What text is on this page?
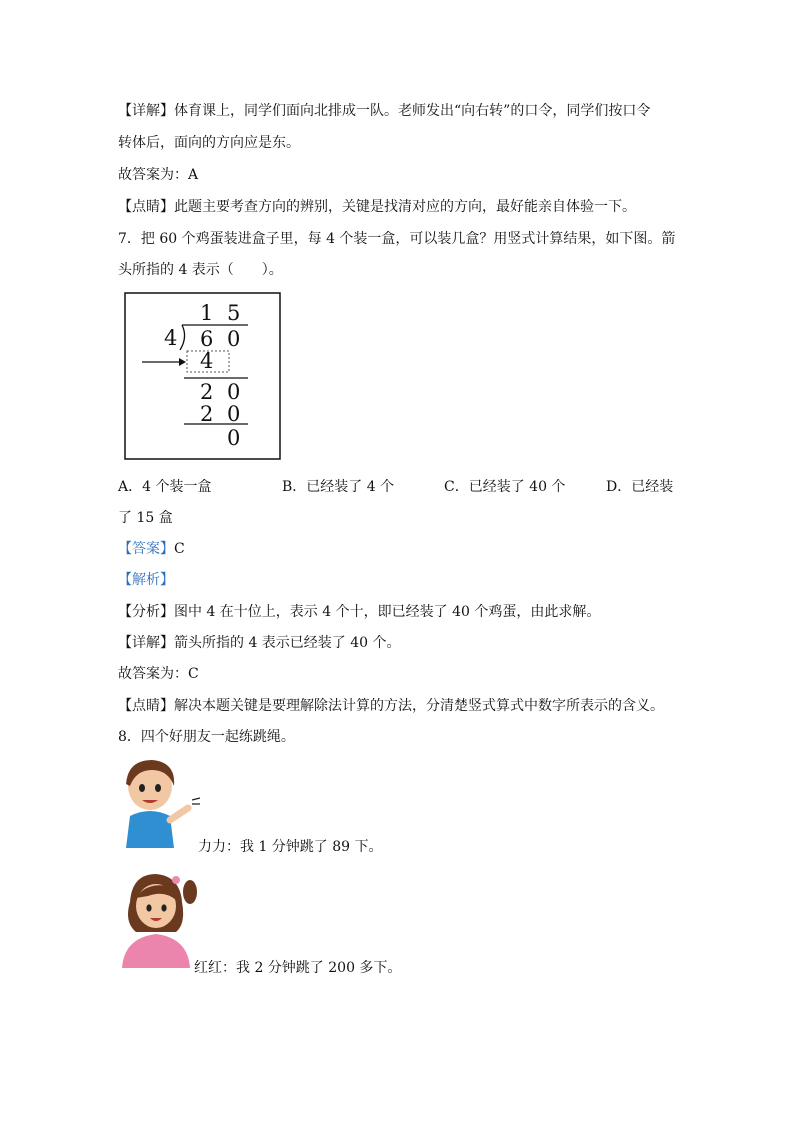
【详解】体育课上，同学们面向北排成一队。老师发出“向右转”的口令，同学们按口令
转体后，面向的方向应是东。
故答案为：A
【点睛】此题主要考查方向的辨别，关键是找清对应的方向，最好能亲自体验一下。
7．把 60 个鸡蛋装进盒子里，每 4 个装一盒，可以装几盒？用竖式计算结果，如下图。箭
头所指的 4 表示（　　）。
1 5
4 6 0
4
2 0
2 0
0
A．4 个装一盒	B．已经装了 4 个	C．已经装了 40 个	D．已经装
了 15 盒
【答案】C
【解析】
【分析】图中 4 在十位上，表示 4 个十，即已经装了 40 个鸡蛋，由此求解。
【详解】箭头所指的 4 表示已经装了 40 个。
故答案为：C
【点睛】解决本题关键是要理解除法计算的方法，分清楚竖式算式中数字所表示的含义。
8．四个好朋友一起练跳绳。
力力：我 1 分钟跳了 89 下。
红红：我 2 分钟跳了 200 多下。
